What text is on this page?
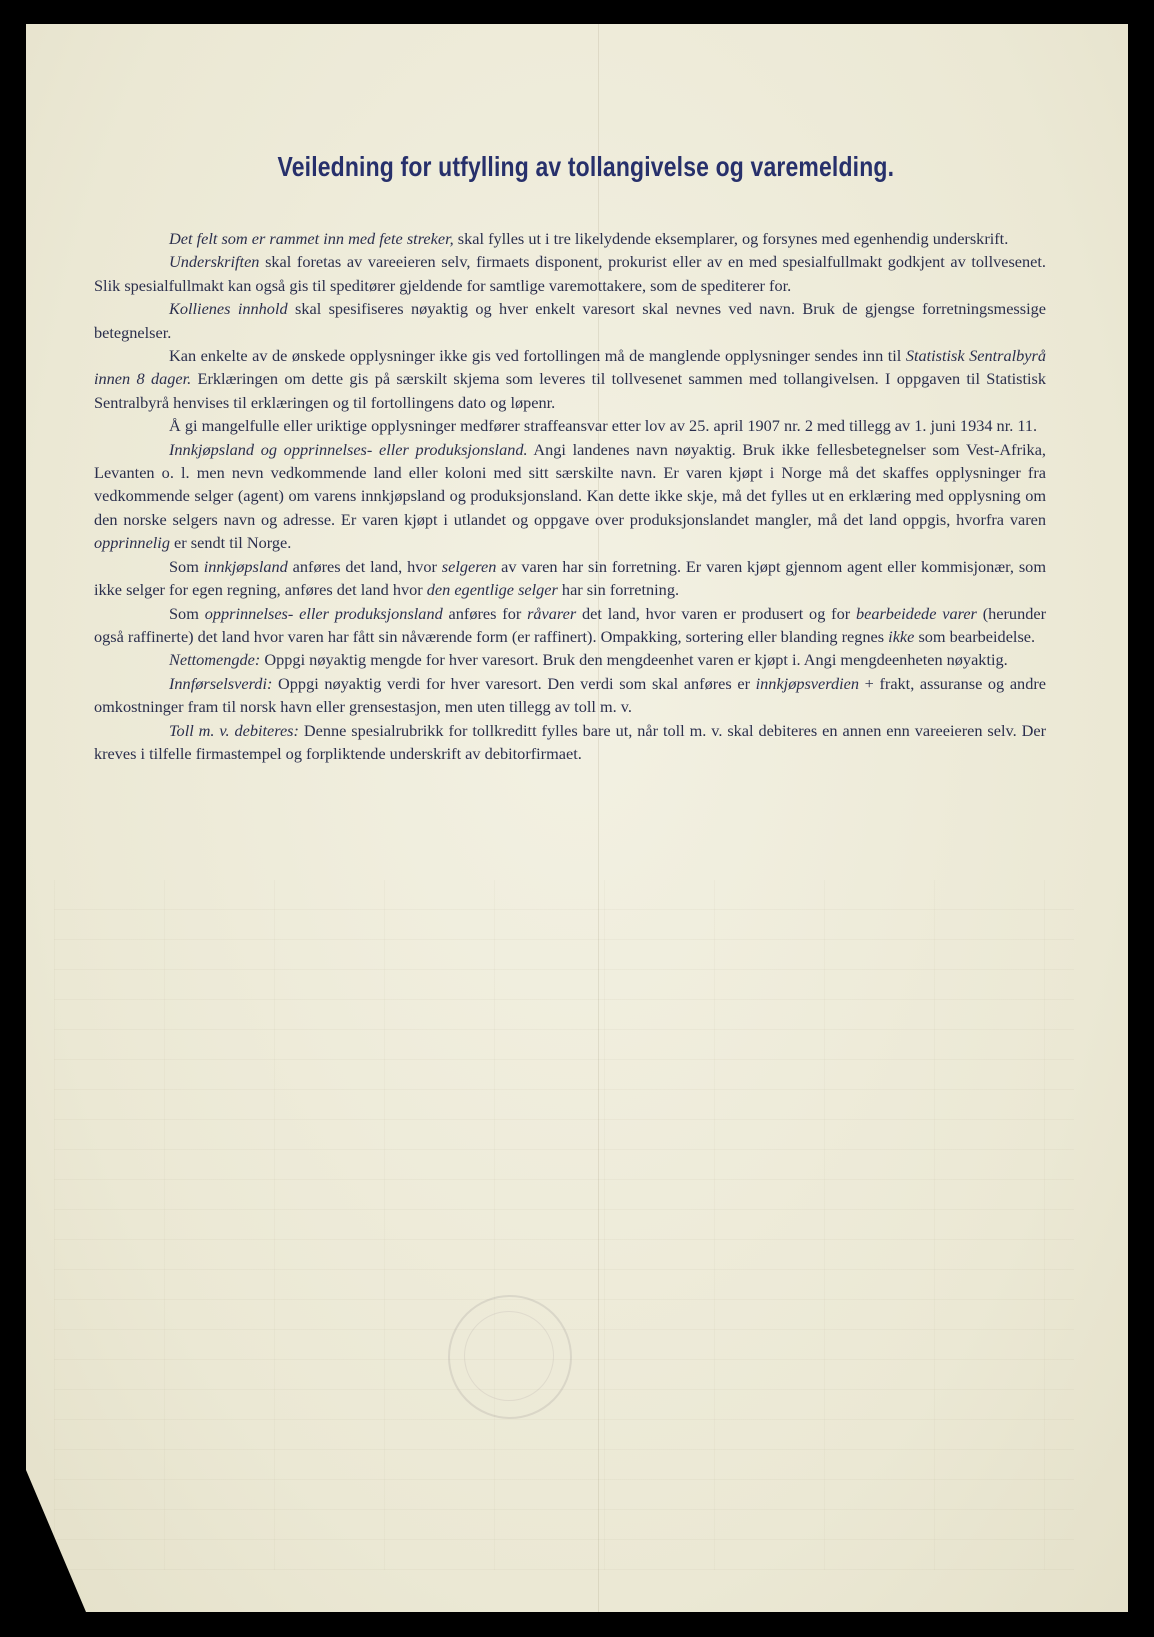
Veiledning for utfylling av tollangivelse og varemelding.

Det felt som er rammet inn med fete streker, skal fylles ut i tre likelydende eksemplarer, og forsynes med egenhendig underskrift.

Underskriften skal foretas av vareeieren selv, firmaets disponent, prokurist eller av en med spesialfullmakt godkjent av tollvesenet. Slik spesialfullmakt kan også gis til speditører gjeldende for samtlige varemottakere, som de spediterer for.

Kollienes innhold skal spesifiseres nøyaktig og hver enkelt varesort skal nevnes ved navn. Bruk de gjengse forretningsmessige betegnelser.

Kan enkelte av de ønskede opplysninger ikke gis ved fortollingen må de manglende opplysninger sendes inn til Statistisk Sentralbyrå innen 8 dager. Erklæringen om dette gis på særskilt skjema som leveres til tollvesenet sammen med tollangivelsen. I oppgaven til Statistisk Sentralbyrå henvises til erklæringen og til fortollingens dato og løpenr.

Å gi mangelfulle eller uriktige opplysninger medfører straffeansvar etter lov av 25. april 1907 nr. 2 med tillegg av 1. juni 1934 nr. 11.

Innkjøpsland og opprinnelses- eller produksjonsland. Angi landenes navn nøyaktig. Bruk ikke fellesbetegnelser som Vest-Afrika, Levanten o. l. men nevn vedkommende land eller koloni med sitt særskilte navn. Er varen kjøpt i Norge må det skaffes opplysninger fra vedkommende selger (agent) om varens innkjøpsland og produksjonsland. Kan dette ikke skje, må det fylles ut en erklæring med opplysning om den norske selgers navn og adresse. Er varen kjøpt i utlandet og oppgave over produksjonslandet mangler, må det land oppgis, hvorfra varen opprinnelig er sendt til Norge.

Som innkjøpsland anføres det land, hvor selgeren av varen har sin forretning. Er varen kjøpt gjennom agent eller kommisjonær, som ikke selger for egen regning, anføres det land hvor den egentlige selger har sin forretning.

Som opprinnelses- eller produksjonsland anføres for råvarer det land, hvor varen er produsert og for bearbeidede varer (herunder også raffinerte) det land hvor varen har fått sin nåværende form (er raffinert). Ompakking, sortering eller blanding regnes ikke som bearbeidelse.

Nettomengde: Oppgi nøyaktig mengde for hver varesort. Bruk den mengdeenhet varen er kjøpt i. Angi mengdeenheten nøyaktig.

Innførselsverdi: Oppgi nøyaktig verdi for hver varesort. Den verdi som skal anføres er innkjøpsverdien + frakt, assuranse og andre omkostninger fram til norsk havn eller grensestasjon, men uten tillegg av toll m. v.

Toll m. v. debiteres: Denne spesialrubrikk for tollkreditt fylles bare ut, når toll m. v. skal debiteres en annen enn vareeieren selv. Der kreves i tilfelle firmastempel og forpliktende underskrift av debitorfirmaet.
